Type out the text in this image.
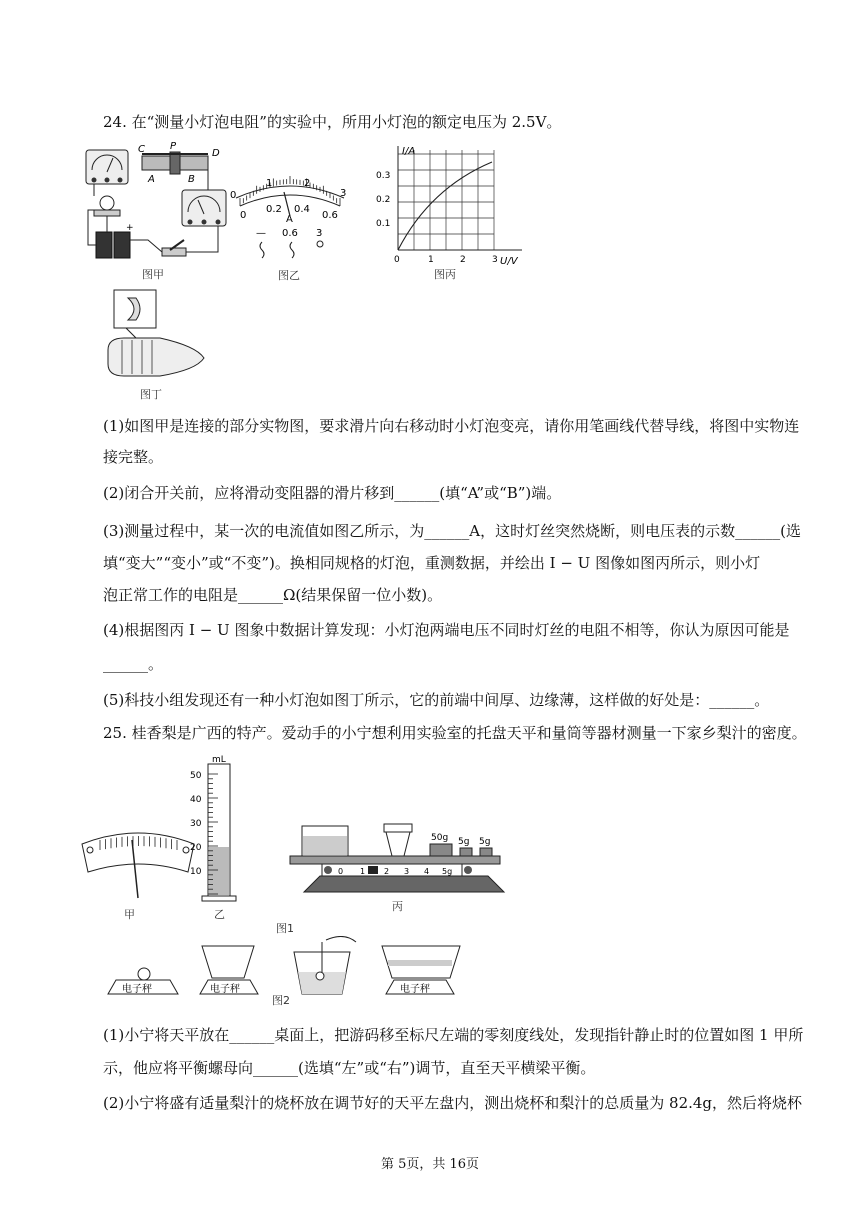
24. 在“测量小灯泡电阻”的实验中，所用小灯泡的额定电压为 2.5V。
C	P
D
A	B
+
图甲
0
1	2
3
0
0.2 0.4
0.6
A
— 0.6 3
图乙
I/A
U/V
0.3
0.2
0.1
0	1	2	3
图丙
图丁
(1)如图甲是连接的部分实物图，要求滑片向右移动时小灯泡变亮，请你用笔画线代替导线，将图中实物连
接完整。
(2)闭合开关前，应将滑动变阻器的滑片移到______(填“A”或“B”)端。
(3)测量过程中，某一次的电流值如图乙所示，为______A，这时灯丝突然烧断，则电压表的示数______(选
填“变大”“变小”或“不变”)。换相同规格的灯泡，重测数据，并绘出 I − U 图像如图丙所示，则小灯
泡正常工作的电阻是______Ω(结果保留一位小数)。
(4)根据图丙 I − U 图象中数据计算发现：小灯泡两端电压不同时灯丝的电阻不相等，你认为原因可能是
______。
(5)科技小组发现还有一种小灯泡如图丁所示，它的前端中间厚、边缘薄，这样做的好处是：______。
25. 桂香梨是广西的特产。爱动手的小宁想利用实验室的托盘天平和量筒等器材测量一下家乡梨汁的密度。
甲
mL
50
40
30
20
10
乙
0 1 2 3 4 5g
50g 5g 5g
丙
图1
电子秤	电子秤	电子秤
图2
(1)小宁将天平放在______桌面上，把游码移至标尺左端的零刻度线处，发现指针静止时的位置如图 1 甲所
示，他应将平衡螺母向______(选填“左”或“右”)调节，直至天平横梁平衡。
(2)小宁将盛有适量梨汁的烧杯放在调节好的天平左盘内，测出烧杯和梨汁的总质量为 82.4g，然后将烧杯
第 5页，共 16页
